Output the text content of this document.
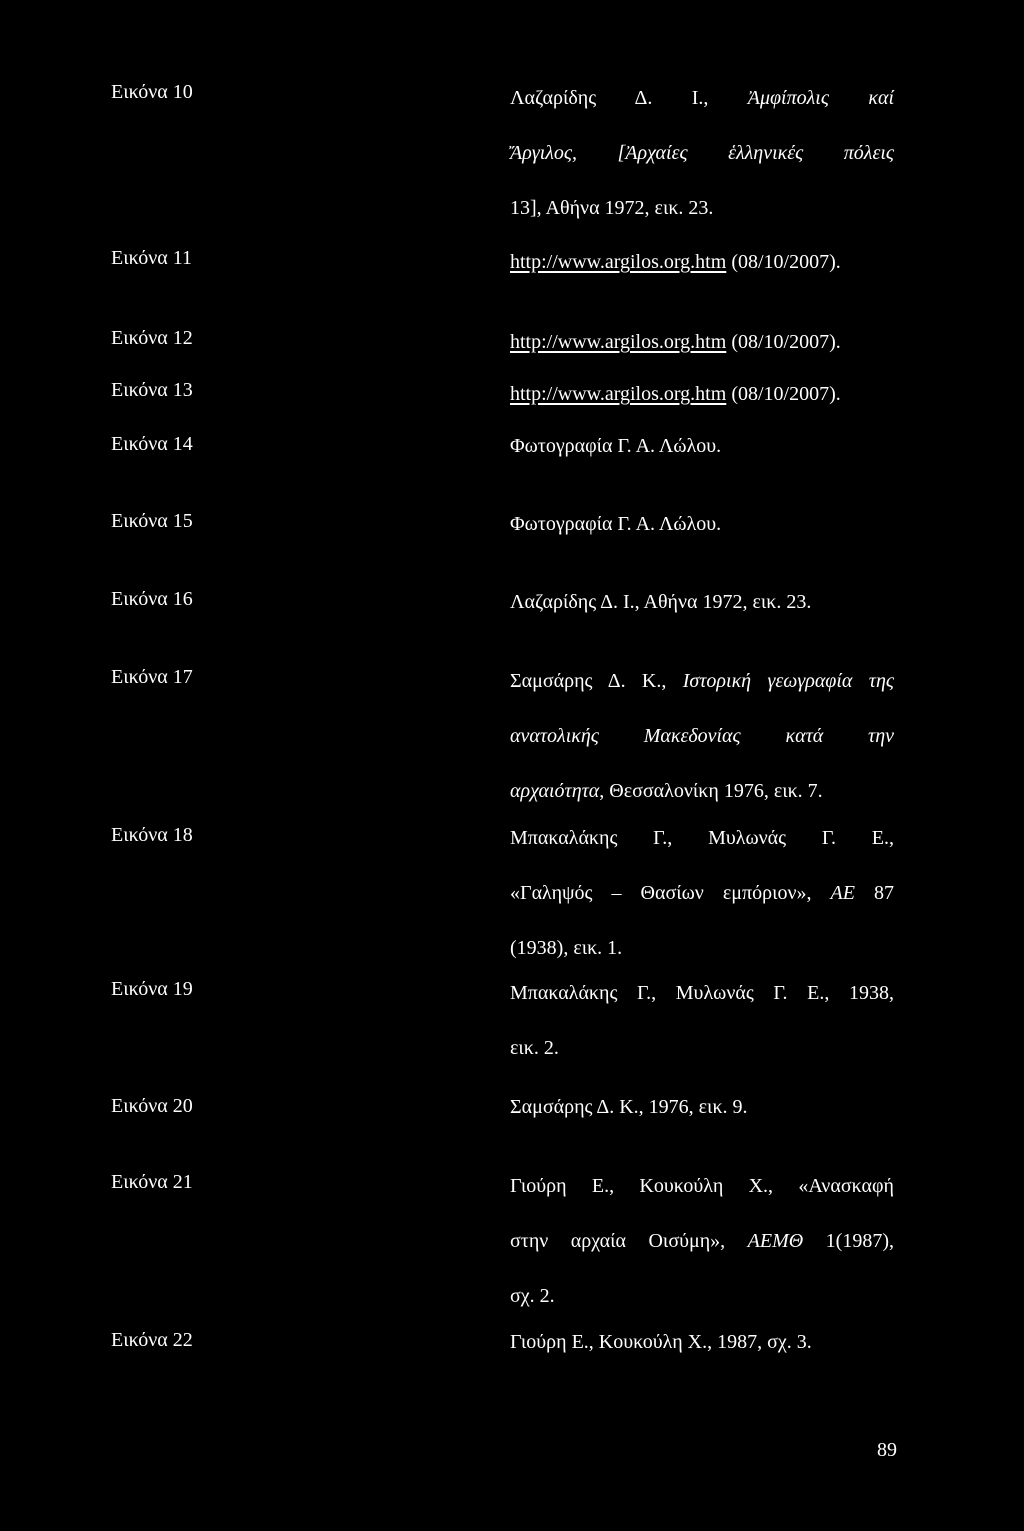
Εικόνα 10	Λαζαρίδης Δ. Ι., Ἀμφίπολις καί
Ἄργιλος, [Ἀρχαίες ἑλληνικές πόλεις
13], Αθήνα 1972, εικ. 23.
Εικόνα 11	http://www.argilos.org.htm (08/10/2007).
Εικόνα 12	http://www.argilos.org.htm (08/10/2007).
Εικόνα 13	http://www.argilos.org.htm (08/10/2007).
Εικόνα 14	Φωτογραφία Γ. Α. Λώλου.
Εικόνα 15	Φωτογραφία Γ. Α. Λώλου.
Εικόνα 16	Λαζαρίδης Δ. Ι., Αθήνα 1972, εικ. 23.
Εικόνα 17	Σαμσάρης Δ. Κ., Ιστορική γεωγραφία της
ανατολικής Μακεδονίας κατά την
αρχαιότητα, Θεσσαλονίκη 1976, εικ. 7.
Εικόνα 18	Μπακαλάκης Γ., Μυλωνάς Γ. Ε.,
«Γαληψός – Θασίων εμπόριον», ΑΕ 87
(1938), εικ. 1.
Εικόνα 19	Μπακαλάκης Γ., Μυλωνάς Γ. Ε., 1938,
εικ. 2.
Εικόνα 20	Σαμσάρης Δ. Κ., 1976, εικ. 9.
Εικόνα 21	Γιούρη Ε., Κουκούλη Χ., «Ανασκαφή
στην αρχαία Οισύμη», ΑΕΜΘ 1(1987),
σχ. 2.
Εικόνα 22	Γιούρη Ε., Κουκούλη Χ., 1987, σχ. 3.
89
